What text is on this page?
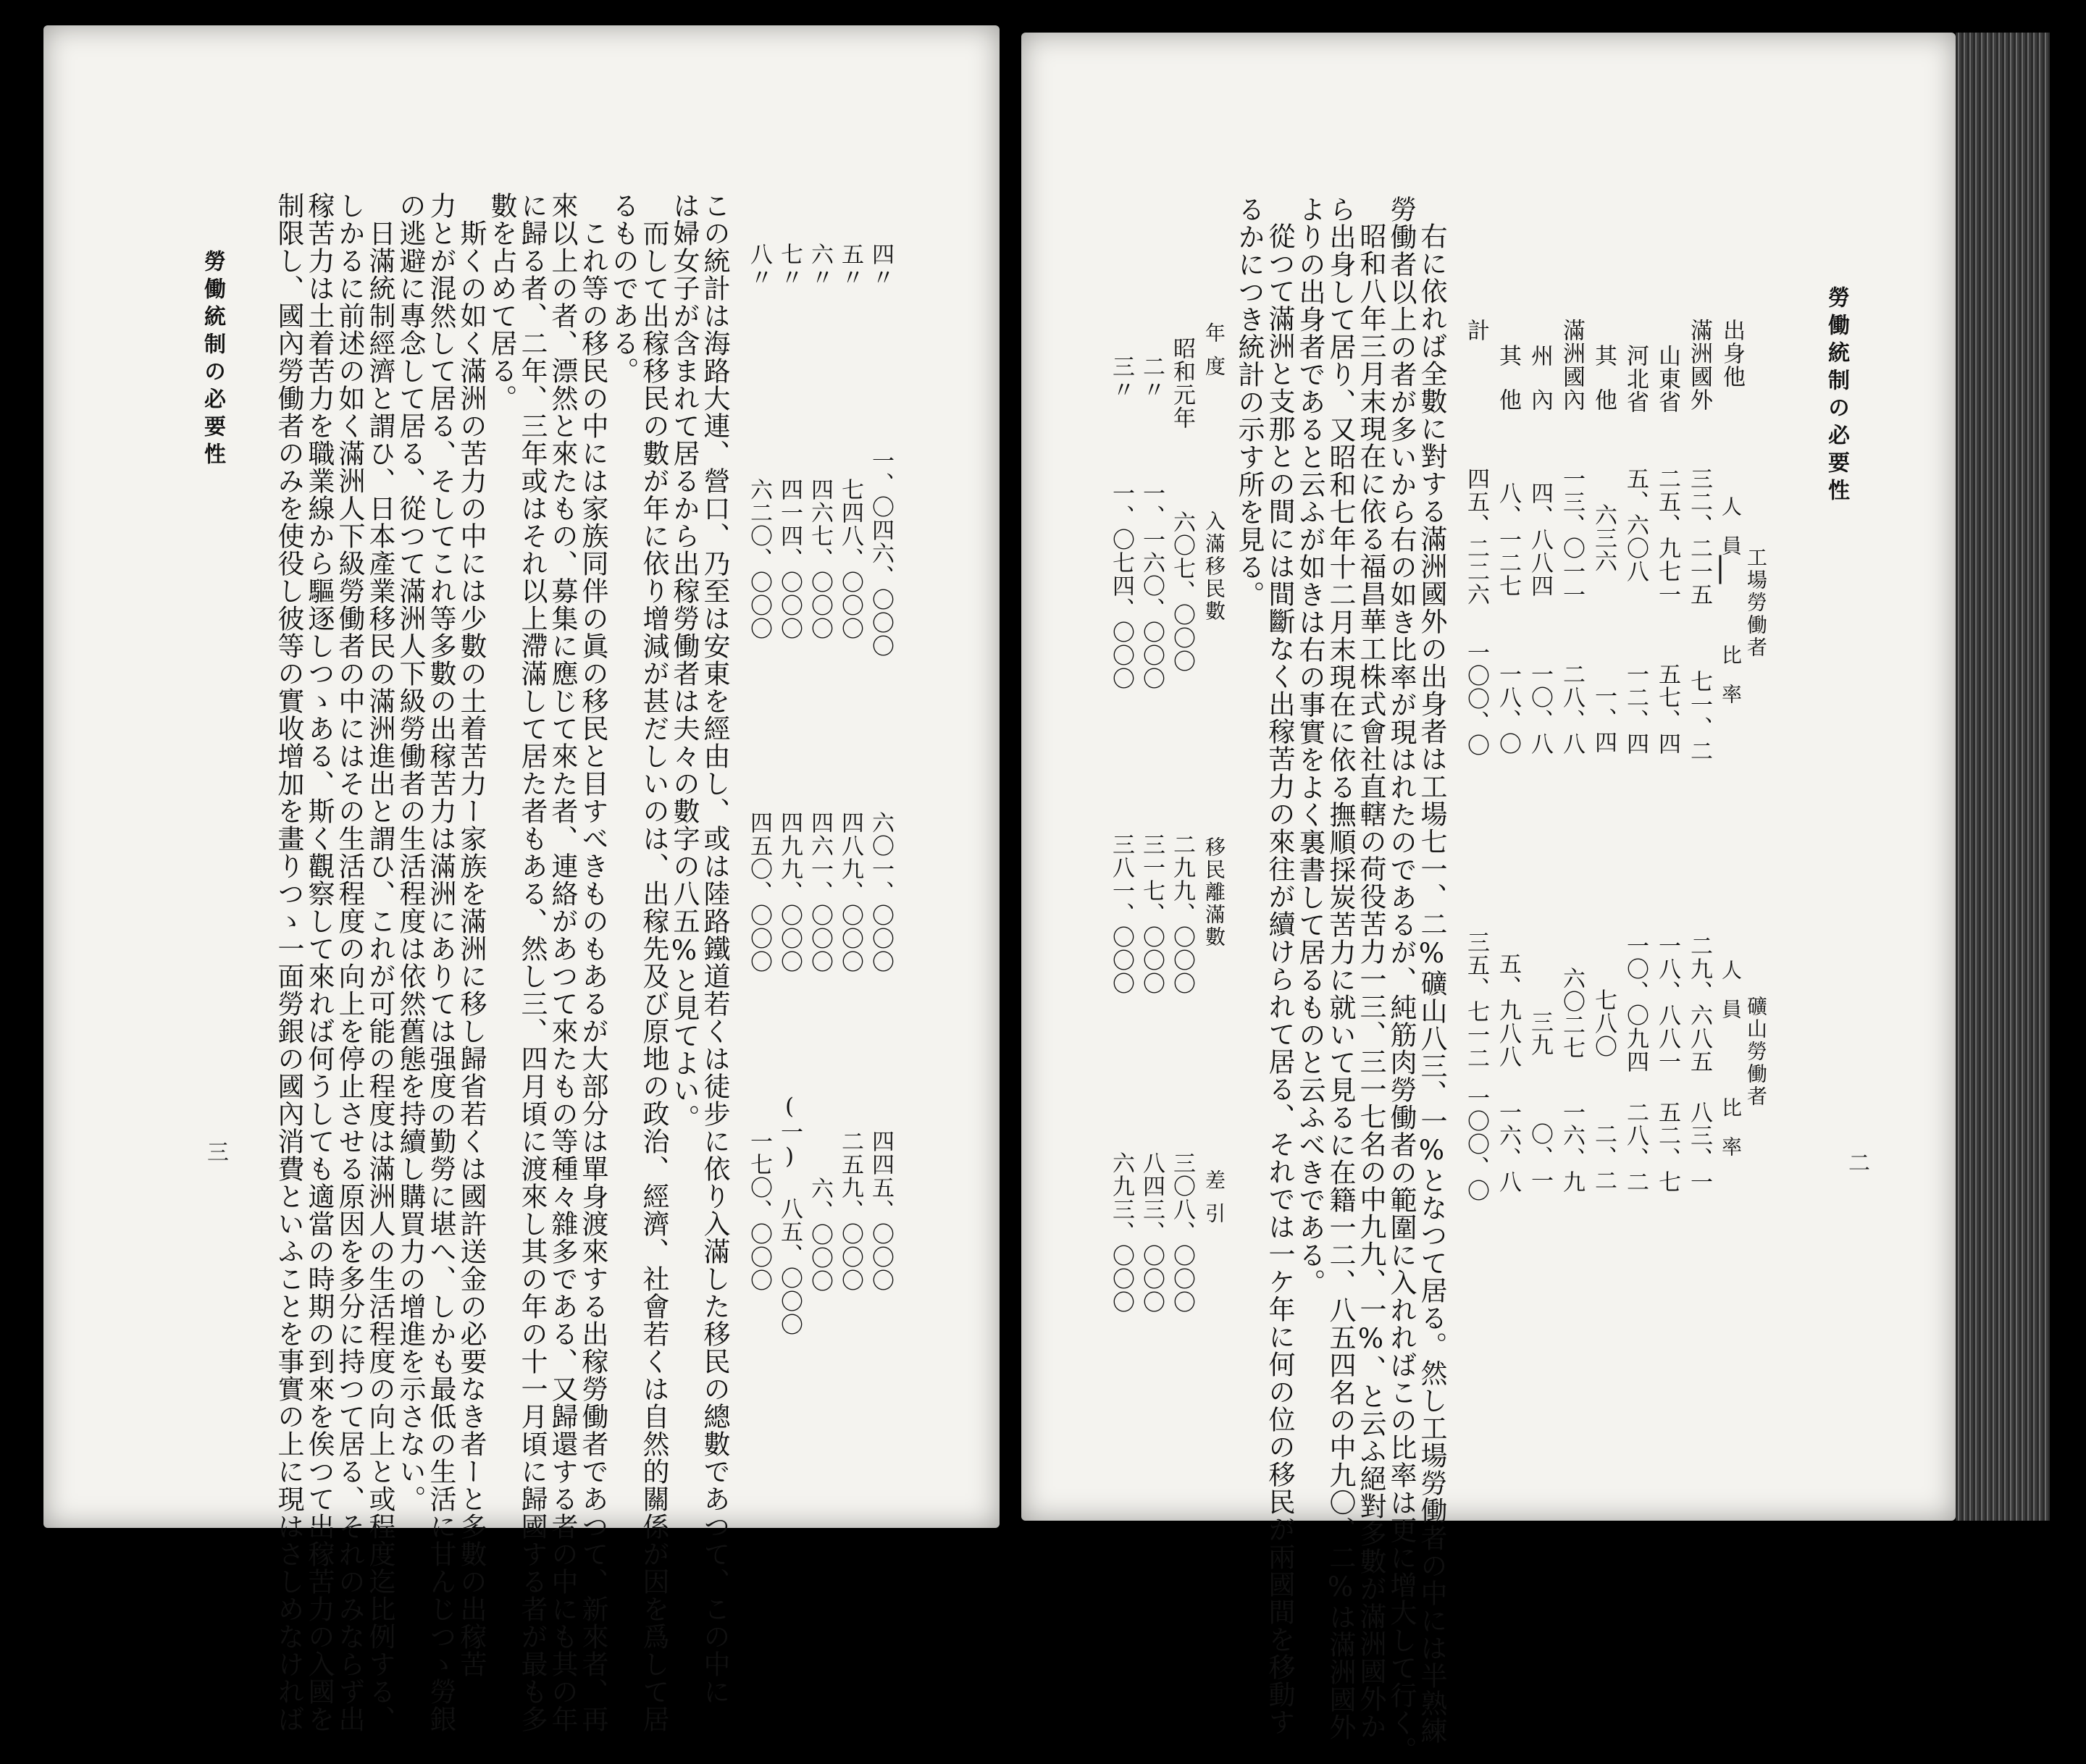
勞働統制の必要性

二

工場勞働者

礦山勞働者

人員

比率

人員

比率

出身他

滿洲國外

山東省

河北省

其他

滿洲國內

州內

其他

計

三二、二一五

二五、九七一

五、六〇八

六三六

一三、〇一一

四、八八四

八、一二七

四五、二二六

七一、二

五七、四

一二、四

一、四

二八、八

一〇、八

一八、〇

一〇〇、〇

二九、六八五

一八、八八一

一〇、〇九四

七八〇

六〇二七

三九

五、九八八

三五、七一二

八三、一

五二、七

二八、二

二、二

一六、九

〇、一

一六、八

一〇〇、〇

右に依れば全數に對する滿洲國外の出身者は工場七一、二%礦山八三、一%となつて居る。然し工場勞働者の中には半熟練

勞働者以上の者が多いから右の如き比率が現はれたのであるが、純筋肉勞働者の範圍に入れればこの比率は更に增大して行く。

昭和八年三月末現在に依る福昌華工株式會社直轄の荷役苦力一三、三一七名の中九九、一%、と云ふ絕對多數が滿洲國外か

ら出身して居り、又昭和七年十二月末現在に依る撫順採炭苦力に就いて見るに在籍一二、八五四名の中九〇、二%は滿洲國外

よりの出身者であると云ふが如きは右の事實をよく裏書して居るものと云ふべきである。

從つて滿洲と支那との間には間斷なく出稼苦力の來往が續けられて居る、それでは一ケ年に何の位の移民が兩國間を移動す

るかにつき統計の示す所を見る。

年度

入滿移民數

移民離滿數

差引

昭和元年

六〇七、〇〇〇

二九九、〇〇〇

三〇八、〇〇〇

二〃

一、一六〇、〇〇〇

三一七、〇〇〇

八四三、〇〇〇

三〃

一、〇七四、〇〇〇

三八一、〇〇〇

六九三、〇〇〇

四〃

一、〇四六、〇〇〇

六〇一、〇〇〇

四四五、〇〇〇

五〃

七四八、〇〇〇

四八九、〇〇〇

二五九、〇〇〇

六〃

四六七、〇〇〇

四六一、〇〇〇

六、〇〇〇

七〃

四一四、〇〇〇

四九九、〇〇〇

(一) 八五、〇〇〇

八〃

六二〇、〇〇〇

四五〇、〇〇〇

一七〇、〇〇〇

この統計は海路大連、營口、乃至は安東を經由し、或は陸路鐵道若くは徒步に依り入滿した移民の總數であつて、この中に

は婦女子が含まれて居るから出稼勞働者は夫々の數字の八五%と見てよい。

而して出稼移民の數が年に依り增減が甚だしいのは、出稼先及び原地の政治、經濟、社會若くは自然的關係が因を爲して居

るものである。

これ等の移民の中には家族同伴の眞の移民と目すべきものもあるが大部分は單身渡來する出稼勞働者であつて、新來者、再

來以上の者、漂然と來たもの、募集に應じて來た者、連絡があつて來たもの等種々雜多である、又歸還する者の中にも其の年

に歸る者、二年、三年或はそれ以上滯滿して居た者もある、然し三、四月頃に渡來し其の年の十一月頃に歸國する者が最も多

數を占めて居る。

斯くの如く滿洲の苦力の中には少數の土着苦力ー家族を滿洲に移し歸省若くは國許送金の必要なき者ーと多數の出稼苦

力とが混然して居る、そしてこれ等多數の出稼苦力は滿洲にありては强度の勤勞に堪へ、しかも最低の生活に甘んじつゝ勞銀

の逃避に專念して居る、從つて滿洲人下級勞働者の生活程度は依然舊態を持續し購買力の增進を示さない。

日滿統制經濟と謂ひ、日本產業移民の滿洲進出と謂ひ、これが可能の程度は滿洲人の生活程度の向上と或程度迄比例する、

しかるに前述の如く滿洲人下級勞働者の中にはその生活程度の向上を停止させる原因を多分に持つて居る、それのみならず出

稼苦力は土着苦力を職業線から驅逐しつゝある、斯く觀察して來れば何うしても適當の時期の到來を俟つて出稼苦力の入國を

制限し、國內勞働者のみを使役し彼等の實收增加を畫りつゝ一面勞銀の國內消費といふことを事實の上に現はさしめなければ

勞働統制の必要性

三
